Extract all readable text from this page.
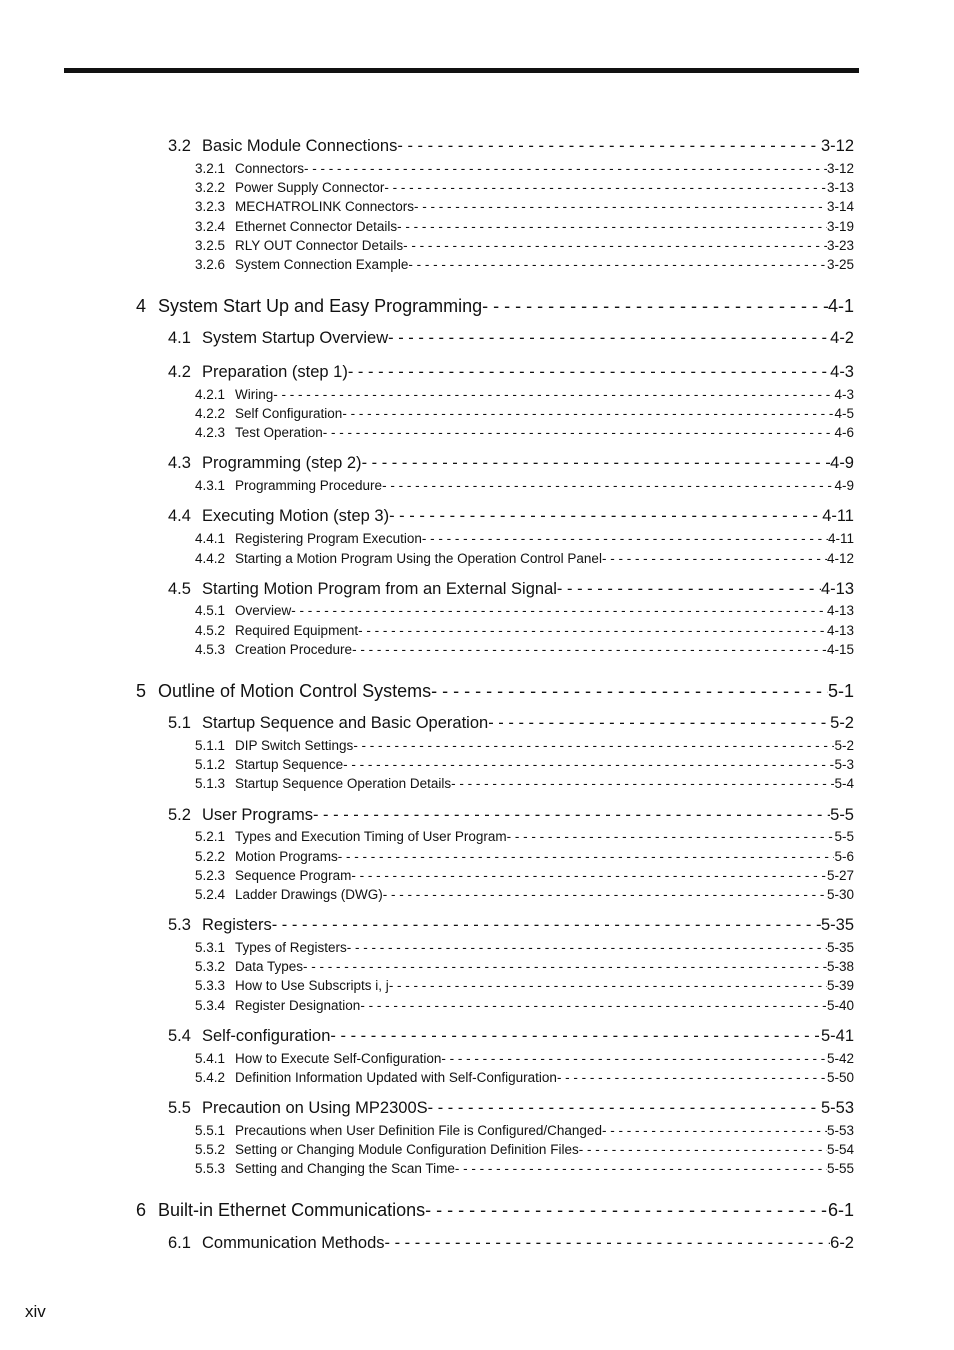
3.2 Basic Module Connections - - -	3-12
3.2.1 Connectors - - -	3-12
3.2.2 Power Supply Connector - - -	3-13
3.2.3 MECHATROLINK Connectors - - -	3-14
3.2.4 Ethernet Connector Details - - -	3-19
3.2.5 RLY OUT Connector Details - - -	3-23
3.2.6 System Connection Example - - -	3-25
4 System Start Up and Easy Programming - - -	4-1
4.1 System Startup Overview - - -	4-2
4.2 Preparation (step 1) - - -	4-3
4.2.1 Wiring - - -	4-3
4.2.2 Self Configuration - - -	4-5
4.2.3 Test Operation - - -	4-6
4.3 Programming (step 2) - - -	4-9
4.3.1 Programming Procedure - - -	4-9
4.4 Executing Motion (step 3) - - -	4-11
4.4.1 Registering Program Execution - - -	4-11
4.4.2 Starting a Motion Program Using the Operation Control Panel - - -	4-12
4.5 Starting Motion Program from an External Signal - - -	4-13
4.5.1 Overview - - -	4-13
4.5.2 Required Equipment - - -	4-13
4.5.3 Creation Procedure - - -	4-15
5 Outline of Motion Control Systems - - -	5-1
5.1 Startup Sequence and Basic Operation - - -	5-2
5.1.1 DIP Switch Settings - - -	5-2
5.1.2 Startup Sequence - - -	5-3
5.1.3 Startup Sequence Operation Details - - -	5-4
5.2 User Programs - - -	5-5
5.2.1 Types and Execution Timing of User Program - - -	5-5
5.2.2 Motion Programs - - -	5-6
5.2.3 Sequence Program - - -	5-27
5.2.4 Ladder Drawings (DWG) - - -	5-30
5.3 Registers - - -	5-35
5.3.1 Types of Registers - - -	5-35
5.3.2 Data Types - - -	5-38
5.3.3 How to Use Subscripts i, j - - -	5-39
5.3.4 Register Designation - - -	5-40
5.4 Self-configuration - - -	5-41
5.4.1 How to Execute Self-Configuration - - -	5-42
5.4.2 Definition Information Updated with Self-Configuration - - -	5-50
5.5 Precaution on Using MP2300S - - -	5-53
5.5.1 Precautions when User Definition File is Configured/Changed - - -	5-53
5.5.2 Setting or Changing Module Configuration Definition Files - - -	5-54
5.5.3 Setting and Changing the Scan Time - - -	5-55
6 Built-in Ethernet Communications - - -	6-1
6.1 Communication Methods - - -	6-2
xiv
